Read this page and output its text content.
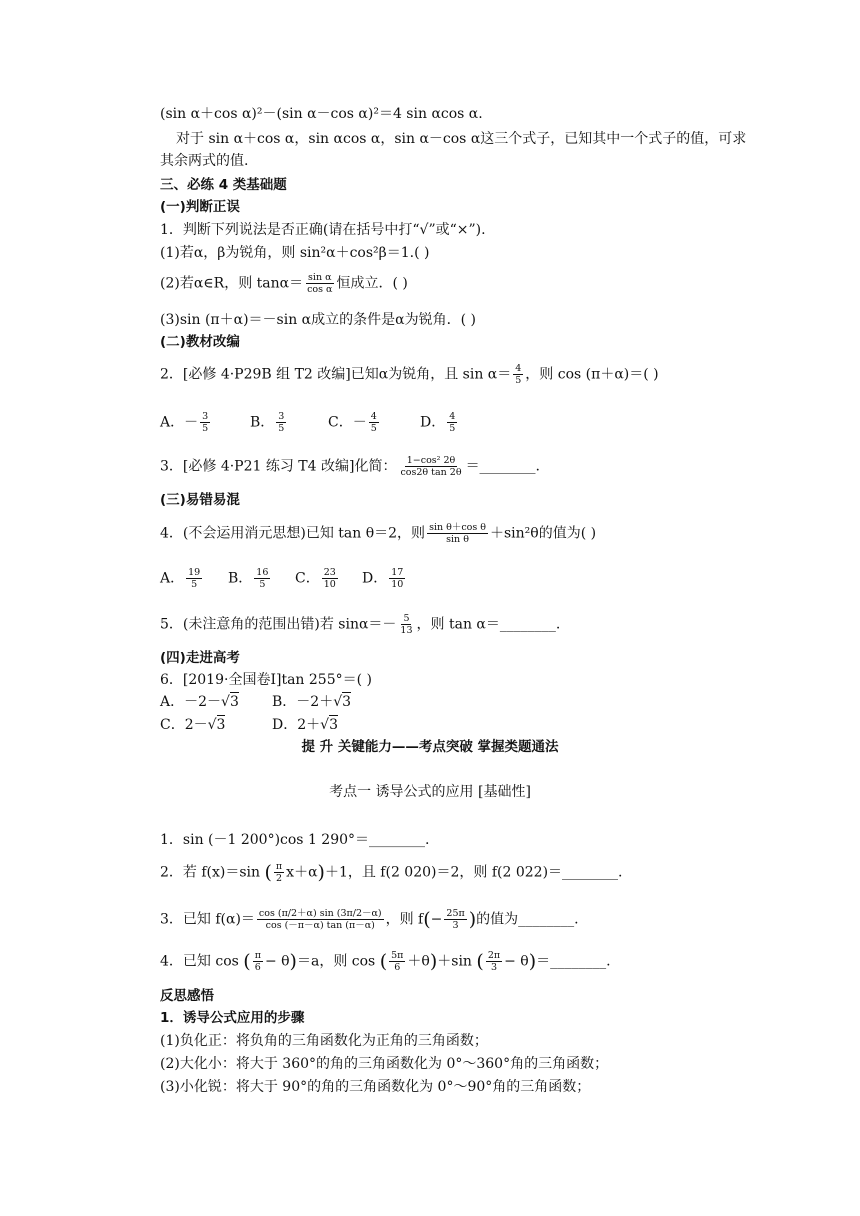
(sin α＋cos α)²－(sin α－cos α)²＝4 sin αcos α.
对于 sin α＋cos α，sin αcos α，sin α－cos α这三个式子，已知其中一个式子的值，可求
其余两式的值.
三、必练 4 类基础题
(一)判断正误
1．判断下列说法是否正确(请在括号中打“√”或“×”).
(1)若α，β为锐角，则 sin²α＋cos²β＝1.( )
(2)若α∈R，则 $\tan\alpha= \frac{\text{sin α}}{\text{cos α}}$ 恒成立．( )
(3)sin (π＋α)＝－sin α成立的条件是α为锐角．( )
(二)教材改编
2．[必修 4·P29B 组 T2 改编]已知α为锐角，且 $\sin \alpha= \frac{4}{5}$ ，则 cos (π＋α)＝( )
A．－ $\frac{3}{5}$	B． $\frac{3}{5}$	C．－ $\frac{4}{5}$	D． $\frac{4}{5}$
3．[必修 4·P21 练习 T4 改编]化简： $\frac{\text{1−cos² 2θ}}{\text{cos2θ tan 2θ}}$ ＝________.
(三)易错易混
4．(不会运用消元思想)已知 tan θ＝2，则 $\frac{\text{sin θ＋cos θ}}{\text{sin θ}} +\sin^2\theta$的值为( )
A． $\frac{19}{5}$ B． $\frac{16}{5}$ C． $\frac{23}{10}$ D． $\frac{17}{10}$
5．(未注意角的范围出错)若 $\sin\alpha=- \frac{5}{13}$ ，则 tan α＝________.
(四)走进高考
6．[2019·全国卷Ⅰ]tan 255°＝( )
A．－2－√3 B．－2＋√3
C．2－√3	D．2＋√3
提 升 关键能力——考点突破 掌握类题通法
考点一 诱导公式的应用 [基础性]
1．sin (－1 200°)cos 1 290°＝________.
2．若 f(x)＝sin ( $\frac{\pi}{2} x+\alpha)+1$，且 f(2 020)＝2，则 f(2 022)＝________.
3．已知 $f(\alpha)= \frac{\cos (\pi/2+\alpha) \sin (3\pi/2-\alpha)}{\cos (-\pi-\alpha) \tan (\pi-\alpha)}$ ，则 $f(- \frac{25\pi}{3}$ )的值为________.
4．已知 cos ( $\frac{\pi}{6} - \theta)=a$，则 cos ( $\frac{5\pi}{6} +\theta)+\sin$ ( $\frac{2\pi}{3}$ − θ)＝________.
反思感悟
1．诱导公式应用的步骤
(1)负化正：将负角的三角函数化为正角的三角函数；
(2)大化小：将大于 360°的角的三角函数化为 0°～360°角的三角函数；
(3)小化锐：将大于 90°的角的三角函数化为 0°～90°角的三角函数；
